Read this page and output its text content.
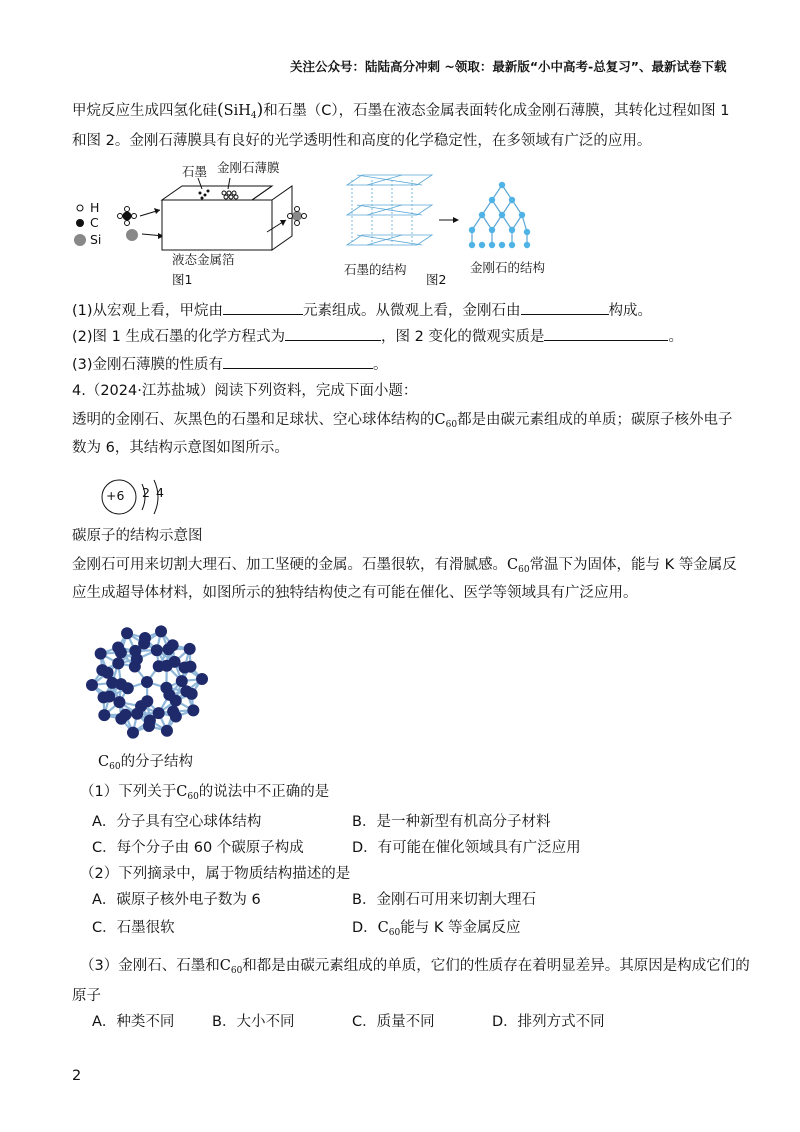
关注公众号：陆陆高分冲刺 ~领取：最新版“小中高考-总复习”、最新试卷下载
甲烷反应生成四氢化硅(SiH$_4$)和石墨（C），石墨在液态金属表面转化成金刚石薄膜，其转化过程如图 1
和图 2。金刚石薄膜具有良好的光学透明性和高度的化学稳定性，在多领域有广泛的应用。
H
C
Si
石墨 金刚石薄膜
液态金属箔
图1
石墨的结构
图2
金刚石的结构
(1)从宏观上看，甲烷由	元素组成。从微观上看，金刚石由	构成。
(2)图 1 生成石墨的化学方程式为	，图 2 变化的微观实质是	。
(3)金刚石薄膜的性质有	。
4.（2024·江苏盐城）阅读下列资料，完成下面小题：
透明的金刚石、灰黑色的石墨和足球状、空心球体结构的$C_{60}$都是由碳元素组成的单质；碳原子核外电子
数为 6，其结构示意图如图所示。
+6 2 4
碳原子的结构示意图
金刚石可用来切割大理石、加工坚硬的金属。石墨很软，有滑腻感。$C_{60}$常温下为固体，能与 K 等金属反
应生成超导体材料，如图所示的独特结构使之有可能在催化、医学等领域具有广泛应用。
$C_{60}$的分子结构
（1）下列关于$C_{60}$的说法中不正确的是
A．分子具有空心球体结构	B．是一种新型有机高分子材料
C．每个分子由 60 个碳原子构成	D．有可能在催化领域具有广泛应用
（2）下列摘录中，属于物质结构描述的是
A．碳原子核外电子数为 6	B．金刚石可用来切割大理石
C．石墨很软	D．$C_{60}$能与 K 等金属反应
（3）金刚石、石墨和$C_{60}$和都是由碳元素组成的单质，它们的性质存在着明显差异。其原因是构成它们的
原子
A．种类不同	B．大小不同	C．质量不同	D．排列方式不同
2
